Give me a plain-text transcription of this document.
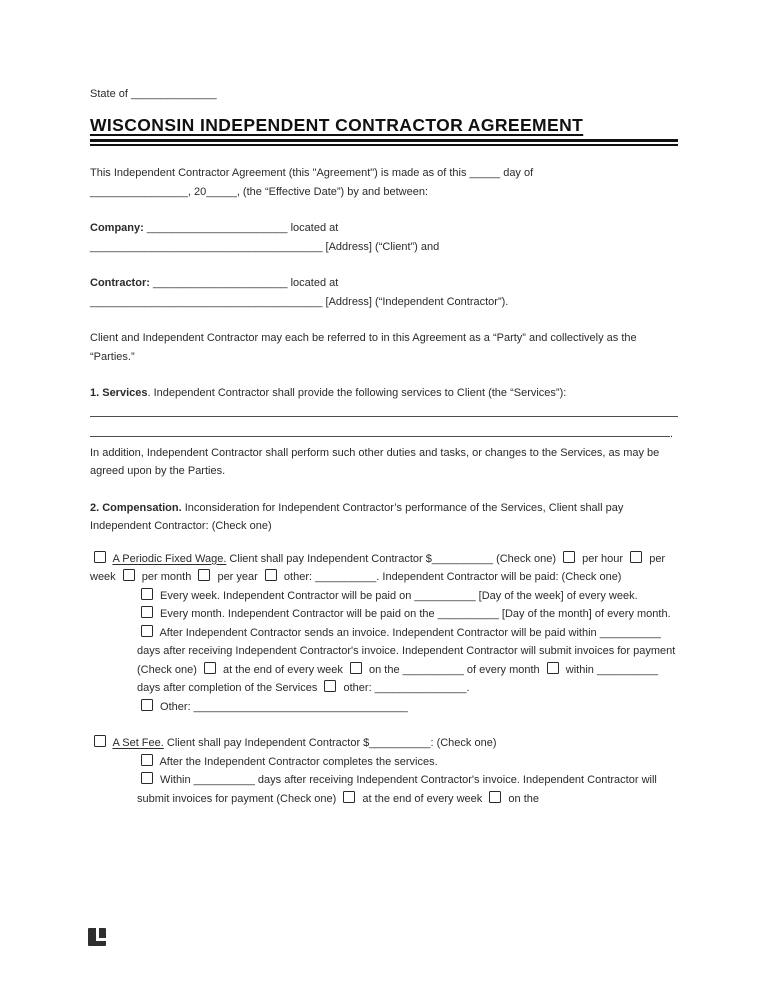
State of ______________

WISCONSIN INDEPENDENT CONTRACTOR AGREEMENT

This Independent Contractor Agreement (this "Agreement") is made as of this _____ day of
________________, 20_____, (the “Effective Date”) by and between:

Company: _______________________ located at
______________________________________ [Address] (“Client”) and

Contractor: ______________________ located at
______________________________________ [Address] (“Independent Contractor”).

Client and Independent Contractor may each be referred to in this Agreement as a “Party” and collectively as the “Parties.”

1. Services. Independent Contractor shall provide the following services to Client (the “Services”):

.
In addition, Independent Contractor shall perform such other duties and tasks, or changes to the Services, as may be agreed upon by the Parties.

2. Compensation. Inconsideration for Independent Contractor’s performance of the Services, Client shall pay Independent Contractor: (Check one)

A Periodic Fixed Wage. Client shall pay Independent Contractor $__________ (Check one)  per hour  per week  per month  per year  other: __________. Independent Contractor will be paid: (Check one)
Every week. Independent Contractor will be paid on __________ [Day of the week] of every week.
Every month. Independent Contractor will be paid on the __________ [Day of the month] of every month.
After Independent Contractor sends an invoice. Independent Contractor will be paid within __________ days after receiving Independent Contractor's invoice. Independent Contractor will submit invoices for payment (Check one)  at the end of every week  on the __________ of every month  within __________ days after completion of the Services  other: _______________.
Other: ___________________________________
A Set Fee. Client shall pay Independent Contractor $__________: (Check one)
After the Independent Contractor completes the services.
Within __________ days after receiving Independent Contractor's invoice. Independent Contractor will submit invoices for payment (Check one)  at the end of every week  on the
